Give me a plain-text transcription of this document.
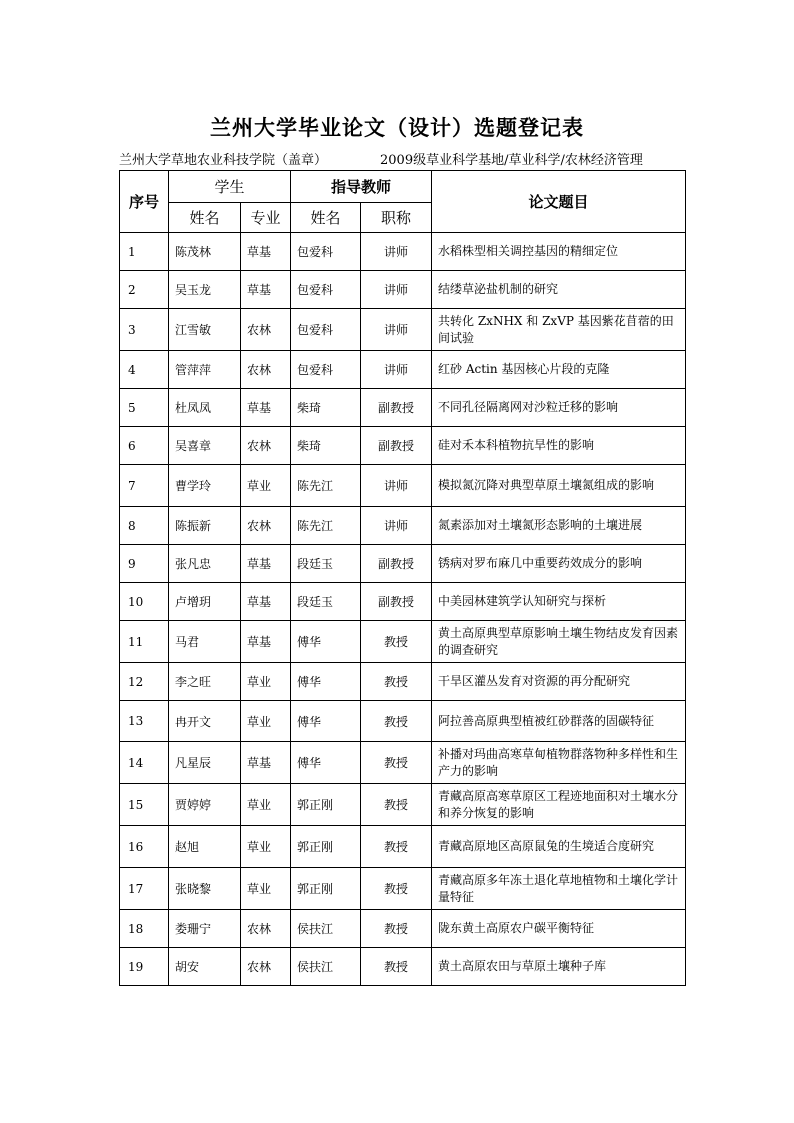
兰州大学毕业论文（设计）选题登记表
兰州大学草地农业科技学院（盖章）	2009级草业科学基地/草业科学/农林经济管理
序号	学生		指导教师		论文题目
	姓名	专业	姓名	职称	
1	陈茂林	草基	包爱科	讲师	水稻株型相关调控基因的精细定位
2	吴玉龙	草基	包爱科	讲师	结缕草泌盐机制的研究
3	江雪敏	农林	包爱科	讲师	共转化 ZxNHX 和 ZxVP 基因紫花苜蓿的田间试验
4	管萍萍	农林	包爱科	讲师	红砂 Actin 基因核心片段的克隆
5	杜凤凤	草基	柴琦	副教授	不同孔径隔离网对沙粒迁移的影响
6	吴喜章	农林	柴琦	副教授	硅对禾本科植物抗旱性的影响
7	曹学玲	草业	陈先江	讲师	模拟氮沉降对典型草原土壤氮组成的影响
8	陈振新	农林	陈先江	讲师	氮素添加对土壤氮形态影响的土壤进展
9	张凡忠	草基	段廷玉	副教授	锈病对罗布麻几中重要药效成分的影响
10	卢增玥	草基	段廷玉	副教授	中美园林建筑学认知研究与探析
11	马君	草基	傅华	教授	黄土高原典型草原影响土壤生物结皮发育因素的调查研究
12	李之旺	草业	傅华	教授	干旱区灌丛发育对资源的再分配研究
13	冉开文	草业	傅华	教授	阿拉善高原典型植被红砂群落的固碳特征
14	凡星辰	草基	傅华	教授	补播对玛曲高寒草甸植物群落物种多样性和生产力的影响
15	贾婷婷	草业	郭正刚	教授	青藏高原高寒草原区工程迹地面积对土壤水分和养分恢复的影响
16	赵旭	草业	郭正刚	教授	青藏高原地区高原鼠兔的生境适合度研究
17	张晓黎	草业	郭正刚	教授	青藏高原多年冻土退化草地植物和土壤化学计量特征
18	娄珊宁	农林	侯扶江	教授	陇东黄土高原农户碳平衡特征
19	胡安	农林	侯扶江	教授	黄土高原农田与草原土壤种子库
